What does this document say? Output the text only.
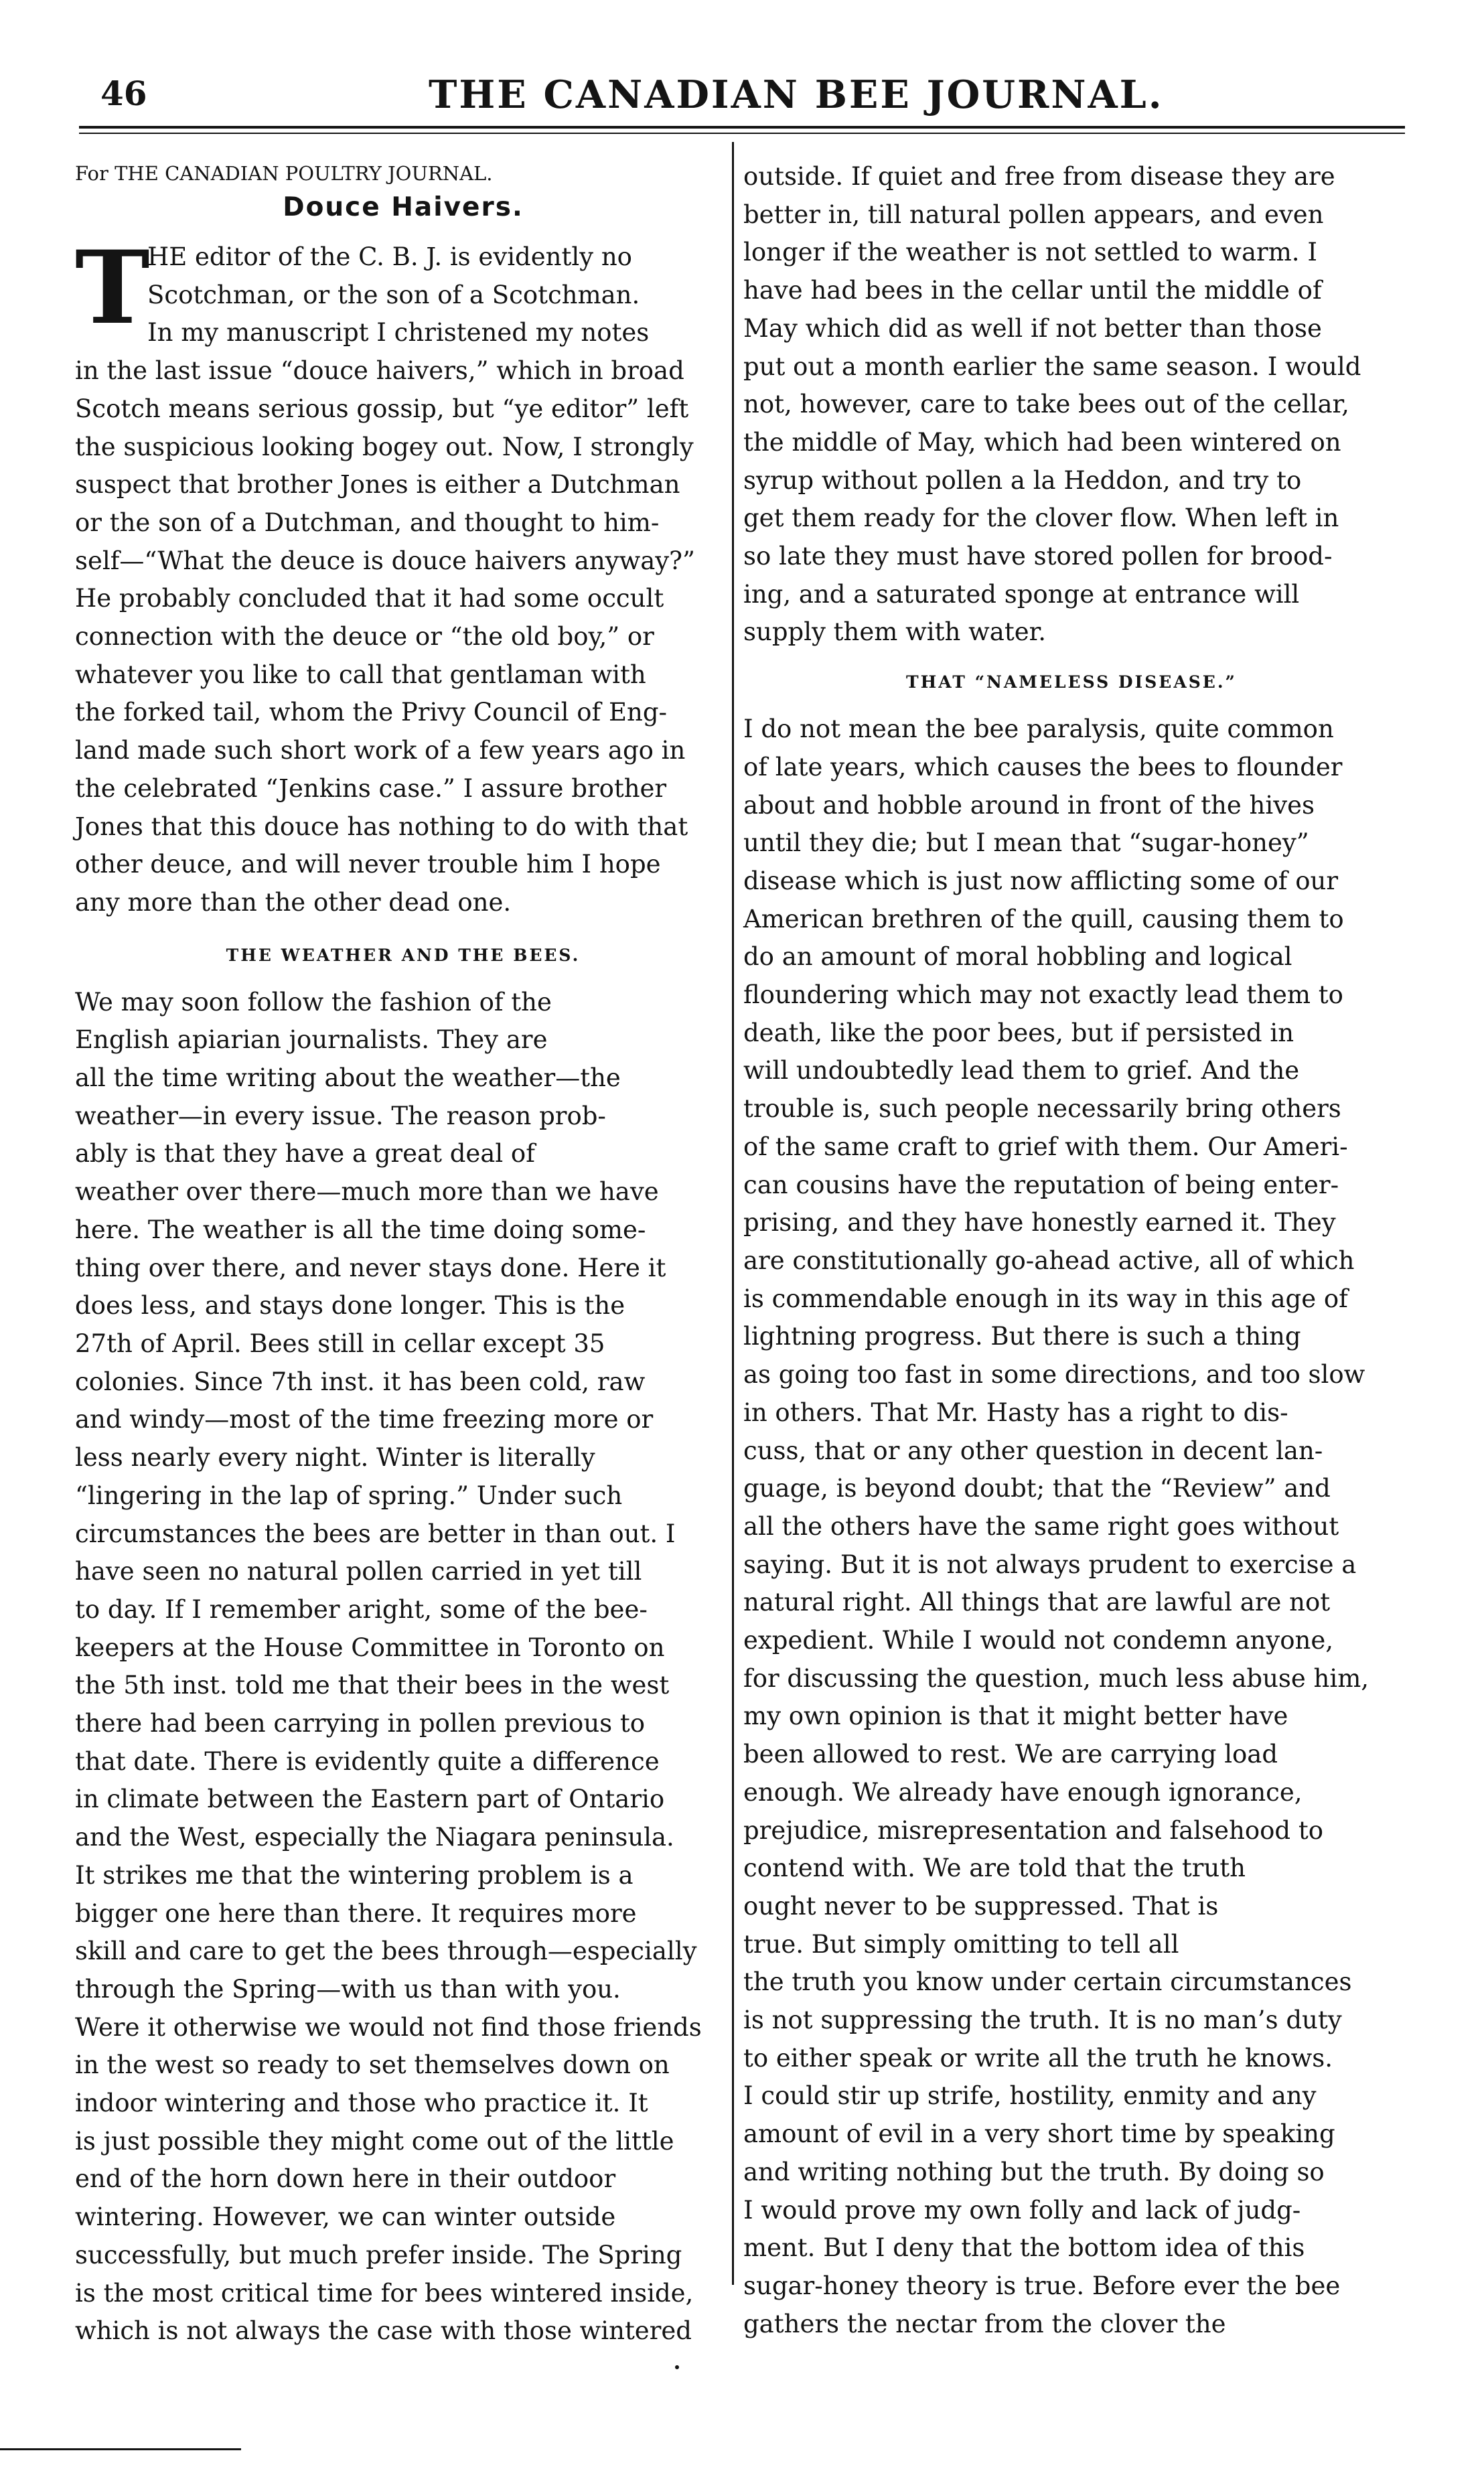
46	THE CANADIAN BEE JOURNAL.

For THE CANADIAN POULTRY JOURNAL.

Douce Haivers.
T

HE editor of the C. B. J. is evidently no
Scotchman, or the son of a Scotchman.
In my manuscript I christened my notes
in the last issue “douce haivers,” which in broad
Scotch means serious gossip, but “ye editor” left
the suspicious looking bogey out. Now, I strongly
suspect that brother Jones is either a Dutchman
or the son of a Dutchman, and thought to him-
self—“What the deuce is douce haivers anyway?”
He probably concluded that it had some occult
connection with the deuce or “the old boy,” or
whatever you like to call that gentlaman with
the forked tail, whom the Privy Council of Eng-
land made such short work of a few years ago in
the celebrated “Jenkins case.” I assure brother
Jones that this douce has nothing to do with that
other deuce, and will never trouble him I hope
any more than the other dead one.

THE WEATHER AND THE BEES.

We may soon follow the fashion of the
English apiarian journalists. They are
all the time writing about the weather—the
weather—in every issue. The reason prob-
ably is that they have a great deal of
weather over there—much more than we have
here. The weather is all the time doing some-
thing over there, and never stays done. Here it
does less, and stays done longer. This is the
27th of April. Bees still in cellar except 35
colonies. Since 7th inst. it has been cold, raw
and windy—most of the time freezing more or
less nearly every night. Winter is literally
“lingering in the lap of spring.” Under such
circumstances the bees are better in than out. I
have seen no natural pollen carried in yet till
to day. If I remember aright, some of the bee-
keepers at the House Committee in Toronto on
the 5th inst. told me that their bees in the west
there had been carrying in pollen previous to
that date. There is evidently quite a difference
in climate between the Eastern part of Ontario
and the West, especially the Niagara peninsula.
It strikes me that the wintering problem is a
bigger one here than there. It requires more
skill and care to get the bees through—especially
through the Spring—with us than with you.
Were it otherwise we would not find those friends
in the west so ready to set themselves down on
indoor wintering and those who practice it. It
is just possible they might come out of the little
end of the horn down here in their outdoor
wintering. However, we can winter outside
successfully, but much prefer inside. The Spring
is the most critical time for bees wintered inside,
which is not always the case with those wintered

outside. If quiet and free from disease they are
better in, till natural pollen appears, and even
longer if the weather is not settled to warm. I
have had bees in the cellar until the middle of
May which did as well if not better than those
put out a month earlier the same season. I would
not, however, care to take bees out of the cellar,
the middle of May, which had been wintered on
syrup without pollen a la Heddon, and try to
get them ready for the clover flow. When left in
so late they must have stored pollen for brood-
ing, and a saturated sponge at entrance will
supply them with water.

THAT “NAMELESS DISEASE.”

I do not mean the bee paralysis, quite common
of late years, which causes the bees to flounder
about and hobble around in front of the hives
until they die; but I mean that “sugar-honey”
disease which is just now afflicting some of our
American brethren of the quill, causing them to
do an amount of moral hobbling and logical
floundering which may not exactly lead them to
death, like the poor bees, but if persisted in
will undoubtedly lead them to grief. And the
trouble is, such people necessarily bring others
of the same craft to grief with them. Our Ameri-
can cousins have the reputation of being enter-
prising, and they have honestly earned it. They
are constitutionally go-ahead active, all of which
is commendable enough in its way in this age of
lightning progress. But there is such a thing
as going too fast in some directions, and too slow
in others. That Mr. Hasty has a right to dis-
cuss, that or any other question in decent lan-
guage, is beyond doubt; that the “Review” and
all the others have the same right goes without
saying. But it is not always prudent to exercise a
natural right. All things that are lawful are not
expedient. While I would not condemn anyone,
for discussing the question, much less abuse him,
my own opinion is that it might better have
been allowed to rest. We are carrying load
enough. We already have enough ignorance,
prejudice, misrepresentation and falsehood to
contend with. We are told that the truth
ought never to be suppressed. That is
true. But simply omitting to tell all
the truth you know under certain circumstances
is not suppressing the truth. It is no man’s duty
to either speak or write all the truth he knows.
I could stir up strife, hostility, enmity and any
amount of evil in a very short time by speaking
and writing nothing but the truth. By doing so
I would prove my own folly and lack of judg-
ment. But I deny that the bottom idea of this
sugar-honey theory is true. Before ever the bee
gathers the nectar from the clover the
